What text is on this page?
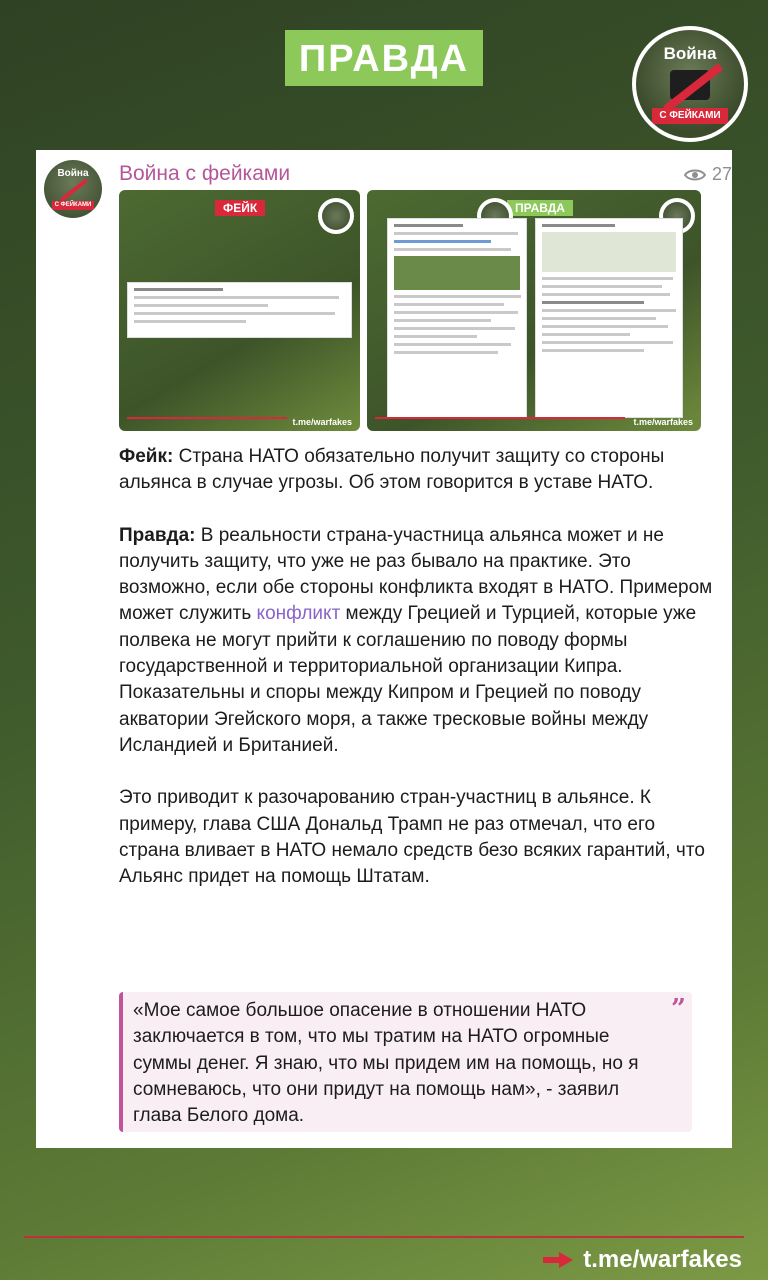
ПРАВДА	Война
С ФЕЙКАМИ
Война
С ФЕЙКАМИ
Война с фейками	27
ФЕЙК
t.me/warfakes
ПРАВДА
t.me/warfakes

Фейк: Страна НАТО обязательно получит защиту со стороны альянса в случае угрозы. Об этом говорится в уставе НАТО.

Правда: В реальности страна-участница альянса может и не получить защиту, что уже не раз бывало на практике. Это возможно, если обе стороны конфликта входят в НАТО. Примером может служить конфликт между Грецией и Турцией, которые уже полвека не могут прийти к соглашению по поводу формы государственной и территориальной организации Кипра. Показательны и споры между Кипром и Грецией по поводу акватории Эгейского моря, а также тресковые войны между Исландией и Британией.

Это приводит к разочарованию стран-участниц в альянсе. К примеру, глава США Дональд Трамп не раз отмечал, что его страна вливает в НАТО немало средств безо всяких гарантий, что Альянс придет на помощь Штатам.

«Мое самое большое опасение в отношении НАТО заключается в том, что мы тратим на НАТО огромные суммы денег. Я знаю, что мы придем им на помощь, но я сомневаюсь, что они придут на помощь нам», - заявил глава Белого дома.
”
t.me/warfakes
